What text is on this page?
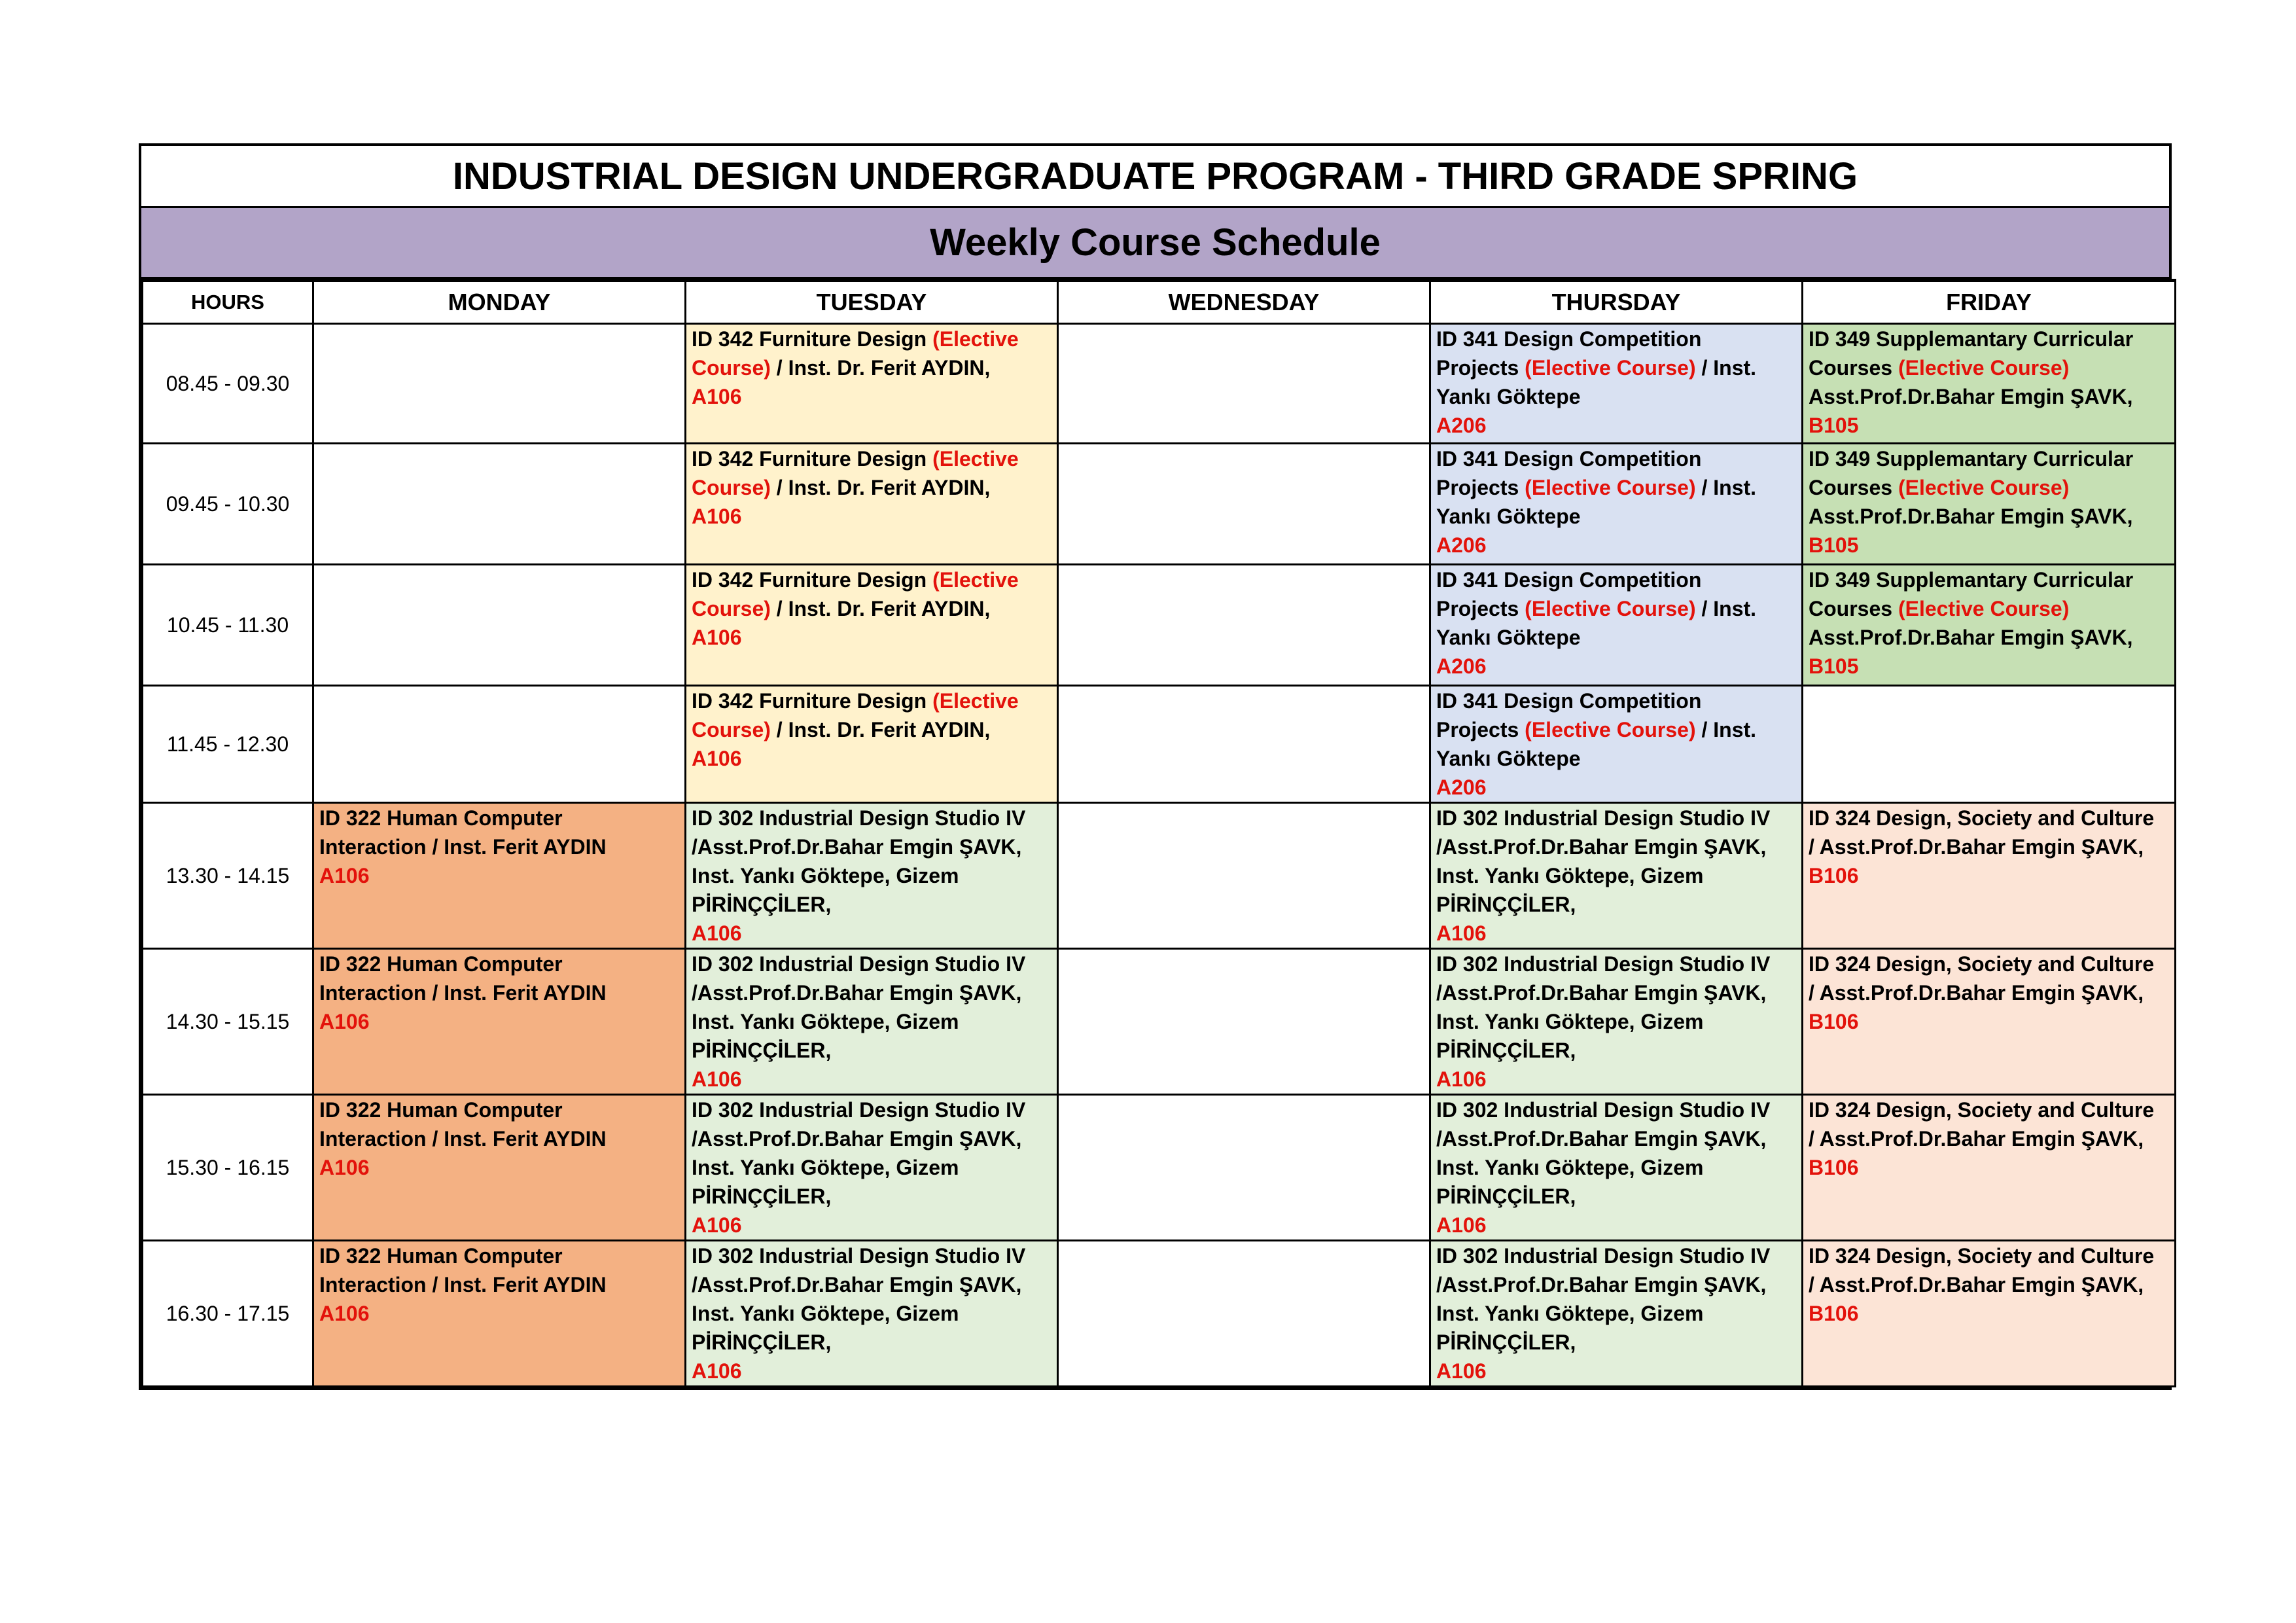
INDUSTRIAL DESIGN UNDERGRADUATE PROGRAM - THIRD GRADE SPRING
Weekly Course Schedule
HOURS	MONDAY	TUESDAY	WEDNESDAY	THURSDAY	FRIDAY
08.45 - 09.30		ID 342 Furniture Design (Elective
Course) / Inst. Dr. Ferit AYDIN,
A106		ID 341 Design Competition
Projects (Elective Course) / Inst.
Yankı Göktepe
A206	ID 349 Supplemantary Curricular
Courses (Elective Course)
Asst.Prof.Dr.Bahar Emgin ŞAVK,
B105
09.45 - 10.30		ID 342 Furniture Design (Elective
Course) / Inst. Dr. Ferit AYDIN,
A106		ID 341 Design Competition
Projects (Elective Course) / Inst.
Yankı Göktepe
A206	ID 349 Supplemantary Curricular
Courses (Elective Course)
Asst.Prof.Dr.Bahar Emgin ŞAVK,
B105
10.45 - 11.30		ID 342 Furniture Design (Elective
Course) / Inst. Dr. Ferit AYDIN,
A106		ID 341 Design Competition
Projects (Elective Course) / Inst.
Yankı Göktepe
A206	ID 349 Supplemantary Curricular
Courses (Elective Course)
Asst.Prof.Dr.Bahar Emgin ŞAVK,
B105
11.45 - 12.30		ID 342 Furniture Design (Elective
Course) / Inst. Dr. Ferit AYDIN,
A106		ID 341 Design Competition
Projects (Elective Course) / Inst.
Yankı Göktepe
A206	
13.30 - 14.15	ID 322 Human Computer
Interaction / Inst. Ferit AYDIN
A106	ID 302 Industrial Design Studio IV
/Asst.Prof.Dr.Bahar Emgin ŞAVK,
Inst. Yankı Göktepe, Gizem
PİRİNÇÇİLER,
A106		ID 302 Industrial Design Studio IV
/Asst.Prof.Dr.Bahar Emgin ŞAVK,
Inst. Yankı Göktepe, Gizem
PİRİNÇÇİLER,
A106	ID 324 Design, Society and Culture
/ Asst.Prof.Dr.Bahar Emgin ŞAVK,
B106
14.30 - 15.15	ID 322 Human Computer
Interaction / Inst. Ferit AYDIN
A106	ID 302 Industrial Design Studio IV
/Asst.Prof.Dr.Bahar Emgin ŞAVK,
Inst. Yankı Göktepe, Gizem
PİRİNÇÇİLER,
A106		ID 302 Industrial Design Studio IV
/Asst.Prof.Dr.Bahar Emgin ŞAVK,
Inst. Yankı Göktepe, Gizem
PİRİNÇÇİLER,
A106	ID 324 Design, Society and Culture
/ Asst.Prof.Dr.Bahar Emgin ŞAVK,
B106
15.30 - 16.15	ID 322 Human Computer
Interaction / Inst. Ferit AYDIN
A106	ID 302 Industrial Design Studio IV
/Asst.Prof.Dr.Bahar Emgin ŞAVK,
Inst. Yankı Göktepe, Gizem
PİRİNÇÇİLER,
A106		ID 302 Industrial Design Studio IV
/Asst.Prof.Dr.Bahar Emgin ŞAVK,
Inst. Yankı Göktepe, Gizem
PİRİNÇÇİLER,
A106	ID 324 Design, Society and Culture
/ Asst.Prof.Dr.Bahar Emgin ŞAVK,
B106
16.30 - 17.15	ID 322 Human Computer
Interaction / Inst. Ferit AYDIN
A106	ID 302 Industrial Design Studio IV
/Asst.Prof.Dr.Bahar Emgin ŞAVK,
Inst. Yankı Göktepe, Gizem
PİRİNÇÇİLER,
A106		ID 302 Industrial Design Studio IV
/Asst.Prof.Dr.Bahar Emgin ŞAVK,
Inst. Yankı Göktepe, Gizem
PİRİNÇÇİLER,
A106	ID 324 Design, Society and Culture
/ Asst.Prof.Dr.Bahar Emgin ŞAVK,
B106
